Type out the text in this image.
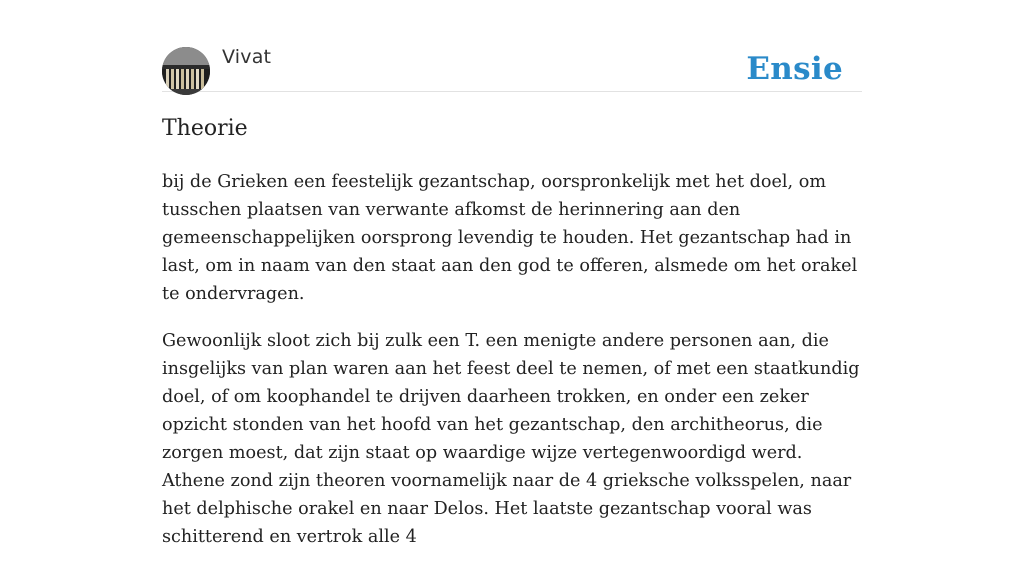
Vivat	Ensie
Theorie

bij de Grieken een feestelijk gezantschap, oorspronkelijk met het doel, om tusschen plaatsen van verwante afkomst de herinnering aan den gemeenschappelijken oorsprong levendig te houden. Het gezantschap had in last, om in naam van den staat aan den god te offeren, alsmede om het orakel te ondervragen.

Gewoonlijk sloot zich bij zulk een T. een menigte andere personen aan, die insgelijks van plan waren aan het feest deel te nemen, of met een staatkundig doel, of om koophandel te drijven daarheen trokken, en onder een zeker opzicht stonden van het hoofd van het gezantschap, den architheorus, die zorgen moest, dat zijn staat op waardige wijze vertegenwoordigd werd. Athene zond zijn theoren voornamelijk naar de 4 grieksche volksspelen, naar het delphische orakel en naar Delos. Het laatste gezantschap vooral was schitterend en vertrok alle 4
